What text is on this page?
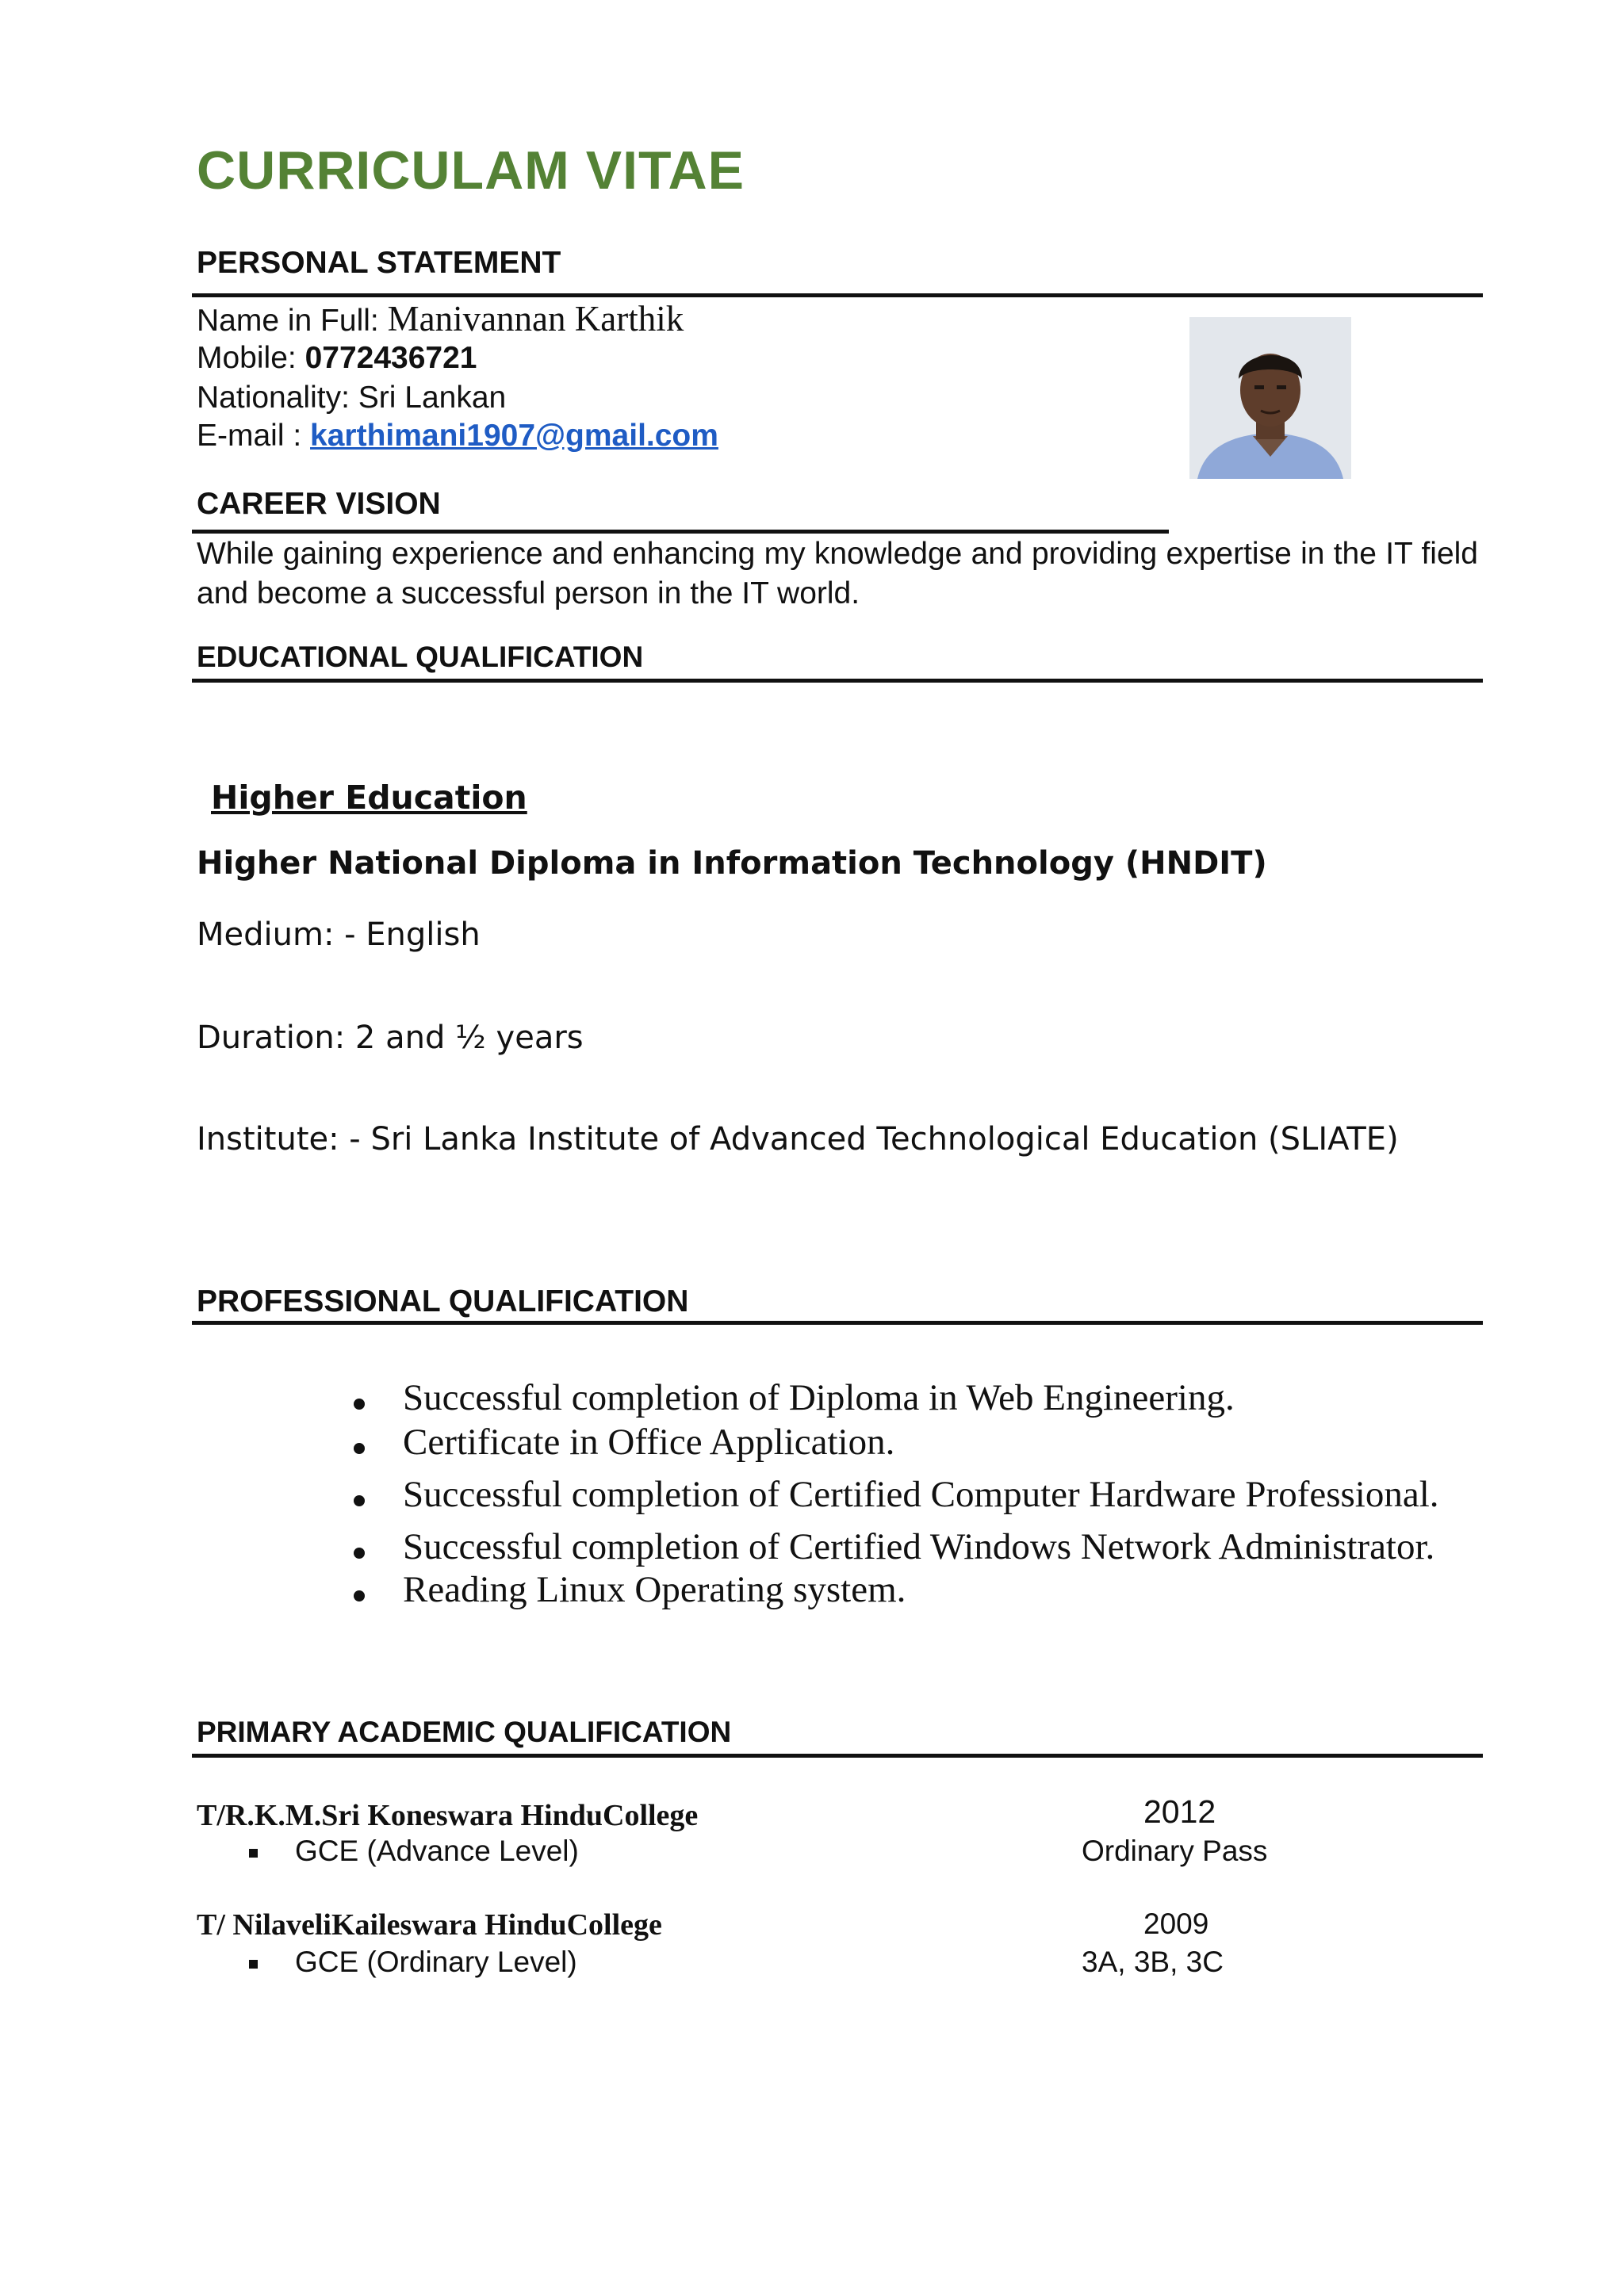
CURRICULAM VITAE
PERSONAL STATEMENT
Name in Full: Manivannan Karthik
Mobile: 0772436721
Nationality: Sri Lankan
E-mail : karthimani1907@gmail.com
CAREER VISION
While gaining experience and enhancing my knowledge and providing expertise in the IT field and become a successful person in the IT world.
EDUCATIONAL QUALIFICATION
Higher Education
Higher National Diploma in Information Technology (HNDIT)
Medium: - English
Duration: 2 and ½ years
Institute: - Sri Lanka Institute of Advanced Technological Education (SLIATE)
PROFESSIONAL QUALIFICATION
Successful completion of Diploma in Web Engineering.
Certificate in Office Application.
Successful completion of Certified Computer Hardware Professional.
Successful completion of Certified Windows Network Administrator.
Reading Linux Operating system.
PRIMARY ACADEMIC QUALIFICATION
T/R.K.M.Sri Koneswara HinduCollege	2012
GCE (Advance Level)	Ordinary Pass
T/ NilaveliKaileswara HinduCollege	2009
GCE (Ordinary Level)	3A, 3B, 3C
